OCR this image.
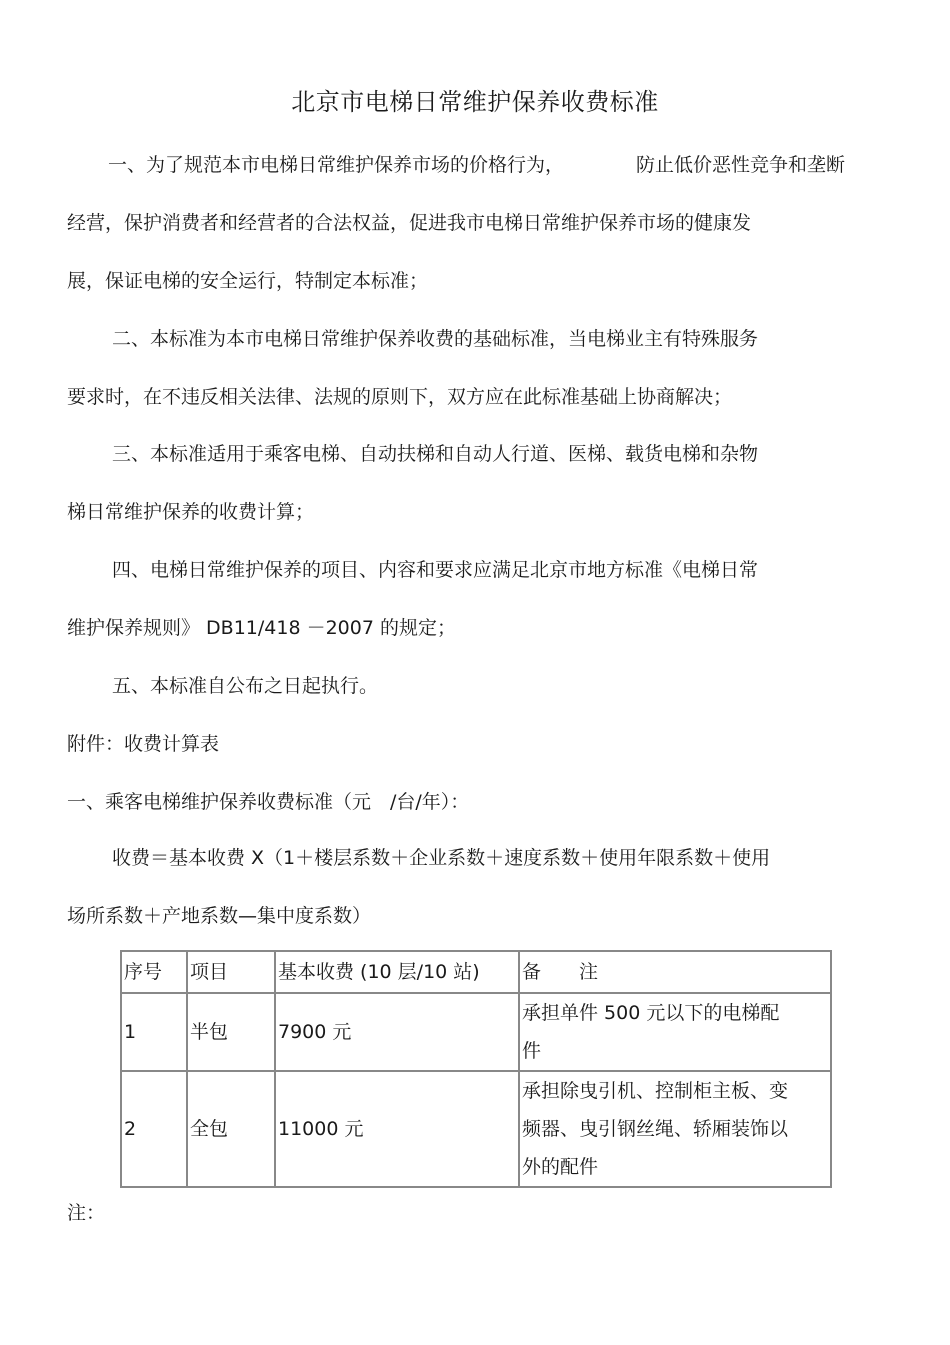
北京市电梯日常维护保养收费标准
一、为了规范本市电梯日常维护保养市场的价格行为，	防止低价恶性竞争和垄断
经营，保护消费者和经营者的合法权益，促进我市电梯日常维护保养市场的健康发
展，保证电梯的安全运行，特制定本标准；
二、本标准为本市电梯日常维护保养收费的基础标准，当电梯业主有特殊服务
要求时，在不违反相关法律、法规的原则下，双方应在此标准基础上协商解决；
三、本标准适用于乘客电梯、自动扶梯和自动人行道、医梯、载货电梯和杂物
梯日常维护保养的收费计算；
四、电梯日常维护保养的项目、内容和要求应满足北京市地方标准《电梯日常
维护保养规则》 DB11/418 －2007 的规定；
五、本标准自公布之日起执行。
附件：收费计算表
一、乘客电梯维护保养收费标准（元　/台/年）：
收费＝基本收费 X（1＋楼层系数＋企业系数＋速度系数＋使用年限系数＋使用
场所系数＋产地系数—集中度系数）
序号	项目	基本收费 (10 层/10 站)	备　　注
1	半包	7900 元	承担单件 500 元以下的电梯配
件

2	全包	11000 元	承担除曳引机、控制柜主板、变
频器、曳引钢丝绳、轿厢装饰以
外的配件
注：
